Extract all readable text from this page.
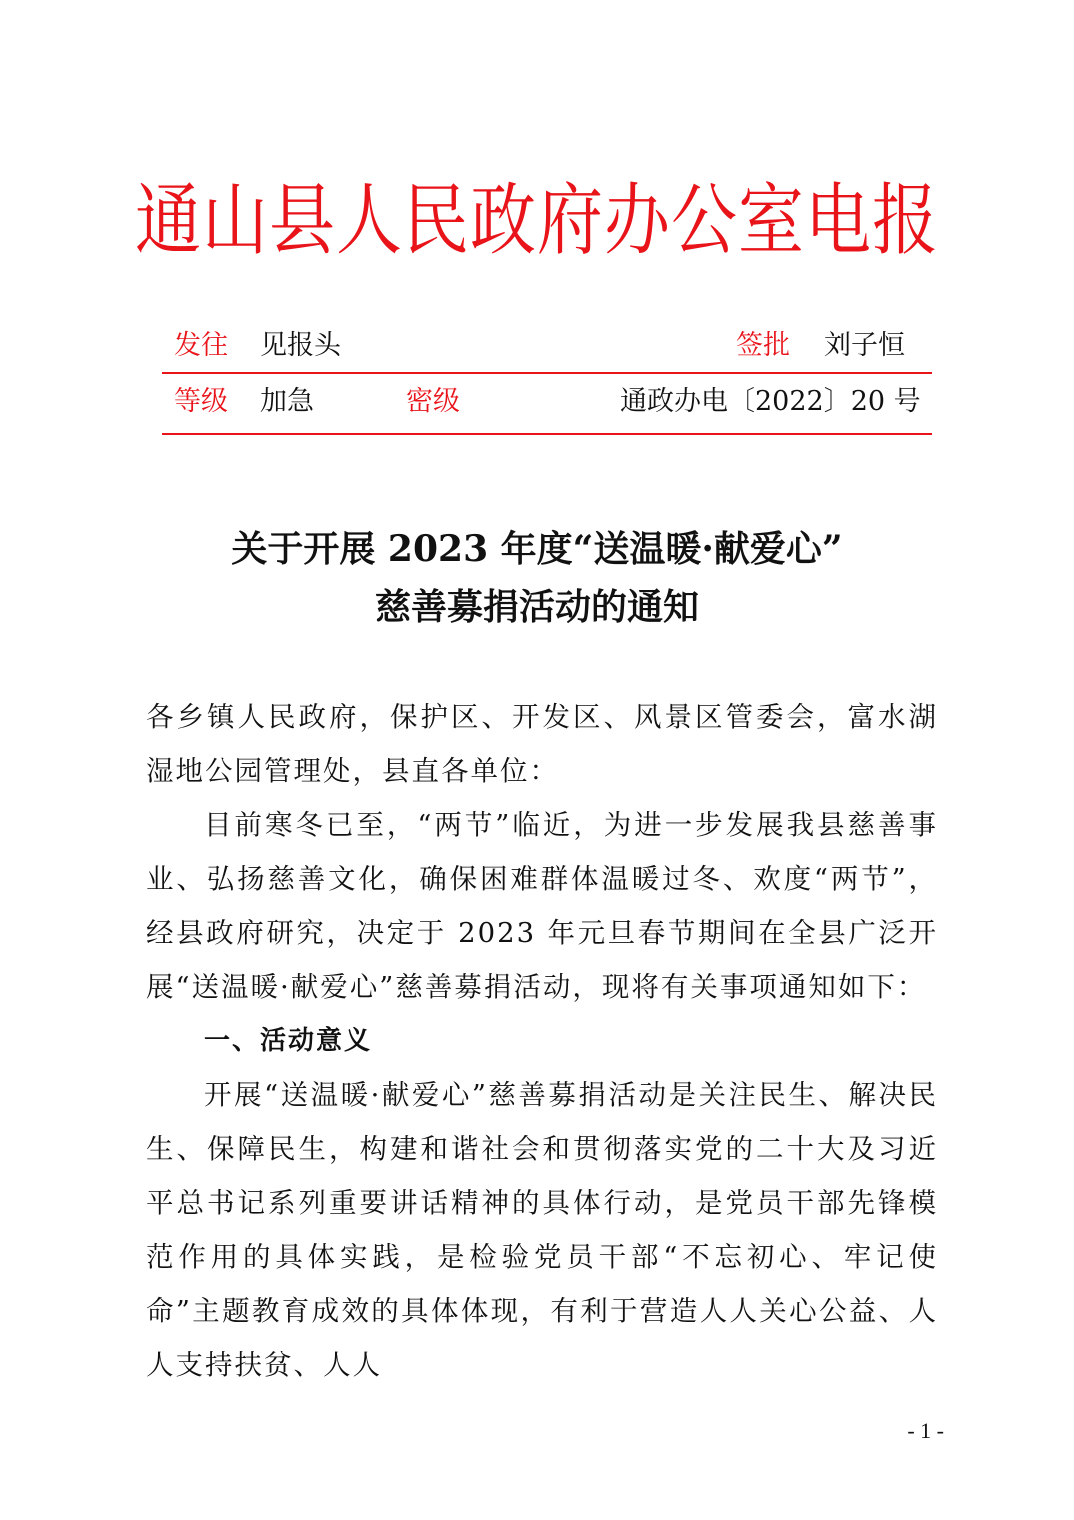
通山县人民政府办公室电报
发往 见报头	签批 刘子恒
等级 加急	密级	通政办电〔2022〕20 号
关于开展 2023 年度“送温暖·献爱心”
慈善募捐活动的通知

各乡镇人民政府，保护区、开发区、风景区管委会，富水湖湿地公园管理处，县直各单位：

目前寒冬已至，“两节”临近，为进一步发展我县慈善事业、弘扬慈善文化，确保困难群体温暖过冬、欢度“两节”，经县政府研究，决定于 2023 年元旦春节期间在全县广泛开展“送温暖·献爱心”慈善募捐活动，现将有关事项通知如下：

一、活动意义

开展“送温暖·献爱心”慈善募捐活动是关注民生、解决民生、保障民生，构建和谐社会和贯彻落实党的二十大及习近平总书记系列重要讲话精神的具体行动，是党员干部先锋模范作用的具体实践，是检验党员干部“不忘初心、牢记使命”主题教育成效的具体体现，有利于营造人人关心公益、人人支持扶贫、人人

- 1 -
